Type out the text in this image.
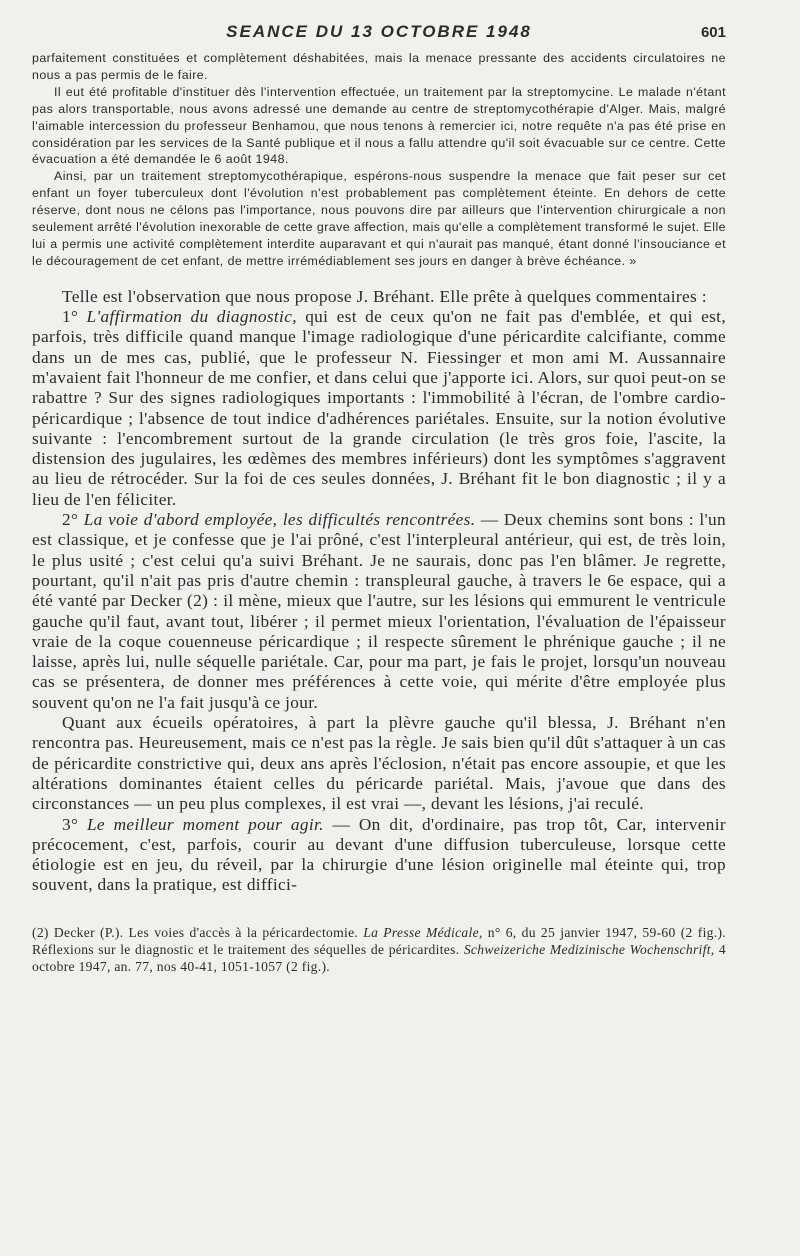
SEANCE DU 13 OCTOBRE 1948	601

parfaitement constituées et complètement déshabitées, mais la menace pressante des accidents circulatoires ne nous a pas permis de le faire.

Il eut été profitable d'instituer dès l'intervention effectuée, un traitement par la streptomycine. Le malade n'étant pas alors transportable, nous avons adressé une demande au centre de streptomycothérapie d'Alger. Mais, malgré l'aimable intercession du professeur Benhamou, que nous tenons à remercier ici, notre requête n'a pas été prise en considération par les services de la Santé publique et il nous a fallu attendre qu'il soit évacuable sur ce centre. Cette évacuation a été demandée le 6 août 1948.

Ainsi, par un traitement streptomycothérapique, espérons-nous suspendre la menace que fait peser sur cet enfant un foyer tuberculeux dont l'évolution n'est probablement pas complètement éteinte. En dehors de cette réserve, dont nous ne célons pas l'importance, nous pouvons dire par ailleurs que l'intervention chirurgicale a non seulement arrêté l'évolution inexorable de cette grave affection, mais qu'elle a complètement transformé le sujet. Elle lui a permis une activité complètement interdite auparavant et qui n'aurait pas manqué, étant donné l'insouciance et le découragement de cet enfant, de mettre irrémédiablement ses jours en danger à brève échéance. »

Telle est l'observation que nous propose J. Bréhant. Elle prête à quelques commentaires :

1° L'affirmation du diagnostic, qui est de ceux qu'on ne fait pas d'emblée, et qui est, parfois, très difficile quand manque l'image radiologique d'une péricardite calcifiante, comme dans un de mes cas, publié, que le professeur N. Fiessinger et mon ami M. Aussannaire m'avaient fait l'honneur de me confier, et dans celui que j'apporte ici. Alors, sur quoi peut-on se rabattre ? Sur des signes radiologiques importants : l'immobilité à l'écran, de l'ombre cardio-péricardique ; l'absence de tout indice d'adhérences pariétales. Ensuite, sur la notion évolutive suivante : l'encombrement surtout de la grande circulation (le très gros foie, l'ascite, la distension des jugulaires, les œdèmes des membres inférieurs) dont les symptômes s'aggravent au lieu de rétrocéder. Sur la foi de ces seules données, J. Bréhant fit le bon diagnostic ; il y a lieu de l'en féliciter.

2° La voie d'abord employée, les difficultés rencontrées. — Deux chemins sont bons : l'un est classique, et je confesse que je l'ai prôné, c'est l'interpleural antérieur, qui est, de très loin, le plus usité ; c'est celui qu'a suivi Bréhant. Je ne saurais, donc pas l'en blâmer. Je regrette, pourtant, qu'il n'ait pas pris d'autre chemin : transpleural gauche, à travers le 6e espace, qui a été vanté par Decker (2) : il mène, mieux que l'autre, sur les lésions qui emmurent le ventricule gauche qu'il faut, avant tout, libérer ; il permet mieux l'orientation, l'évaluation de l'épaisseur vraie de la coque couenneuse péricardique ; il respecte sûrement le phrénique gauche ; il ne laisse, après lui, nulle séquelle pariétale. Car, pour ma part, je fais le projet, lorsqu'un nouveau cas se présentera, de donner mes préférences à cette voie, qui mérite d'être employée plus souvent qu'on ne l'a fait jusqu'à ce jour.

Quant aux écueils opératoires, à part la plèvre gauche qu'il blessa, J. Bréhant n'en rencontra pas. Heureusement, mais ce n'est pas la règle. Je sais bien qu'il dût s'attaquer à un cas de péricardite constrictive qui, deux ans après l'éclosion, n'était pas encore assoupie, et que les altérations dominantes étaient celles du péricarde pariétal. Mais, j'avoue que dans des circonstances — un peu plus complexes, il est vrai —, devant les lésions, j'ai reculé.

3° Le meilleur moment pour agir. — On dit, d'ordinaire, pas trop tôt, Car, intervenir précocement, c'est, parfois, courir au devant d'une diffusion tuberculeuse, lorsque cette étiologie est en jeu, du réveil, par la chirurgie d'une lésion originelle mal éteinte qui, trop souvent, dans la pratique, est diffici-

(2) Decker (P.). Les voies d'accès à la péricardectomie. La Presse Médicale, n° 6, du 25 janvier 1947, 59-60 (2 fig.). Réflexions sur le diagnostic et le traitement des séquelles de péricardites. Schweizeriche Medizinische Wochenschrift, 4 octobre 1947, an. 77, nos 40-41, 1051-1057 (2 fig.).
